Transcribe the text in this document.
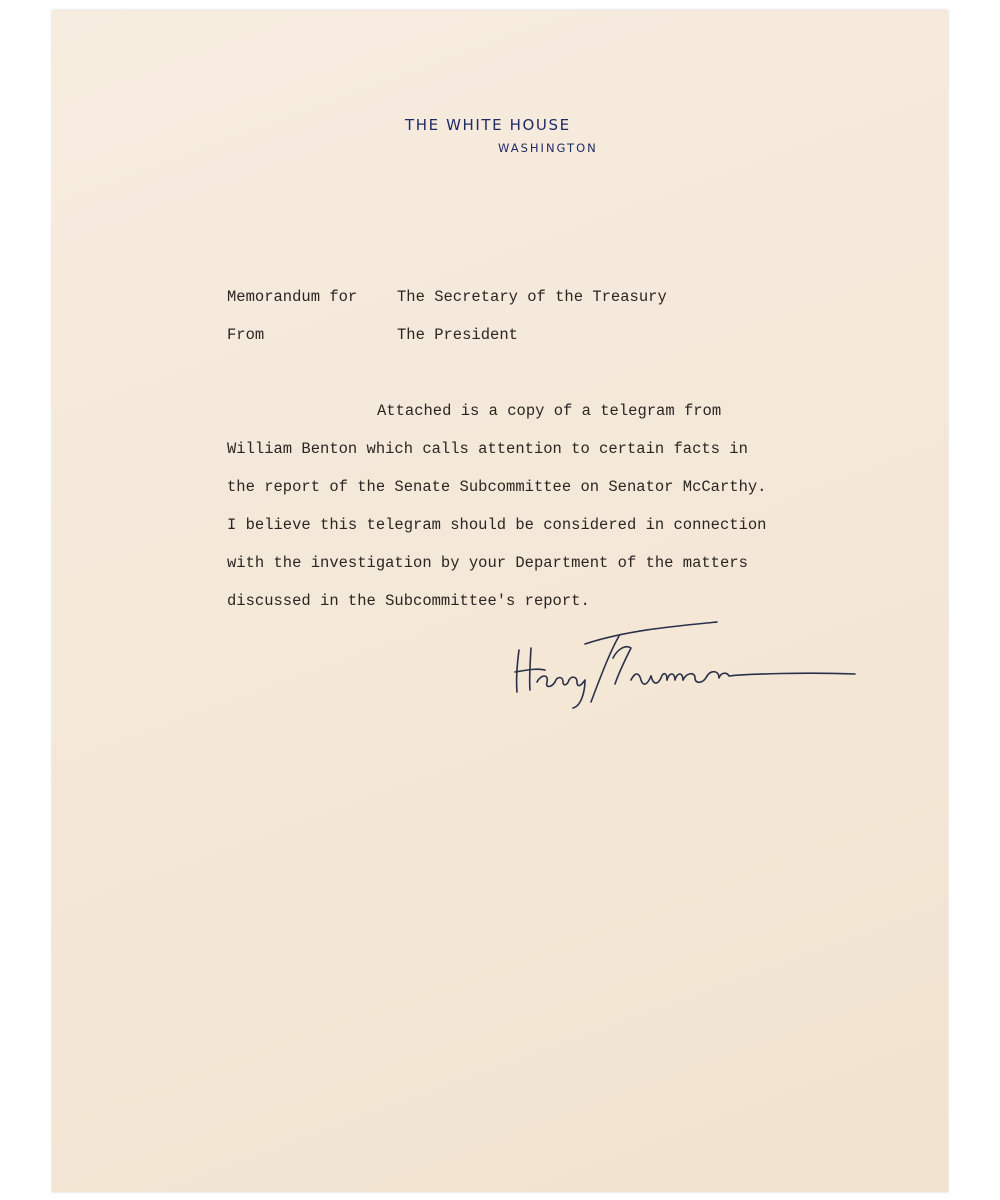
THE WHITE HOUSE
WASHINGTON
Memorandum for	The Secretary of the Treasury
From	The President
Attached is a copy of a telegram from
William Benton which calls attention to certain facts in
the report of the Senate Subcommittee on Senator McCarthy.
I believe this telegram should be considered in connection
with the investigation by your Department of the matters
discussed in the Subcommittee's report.
